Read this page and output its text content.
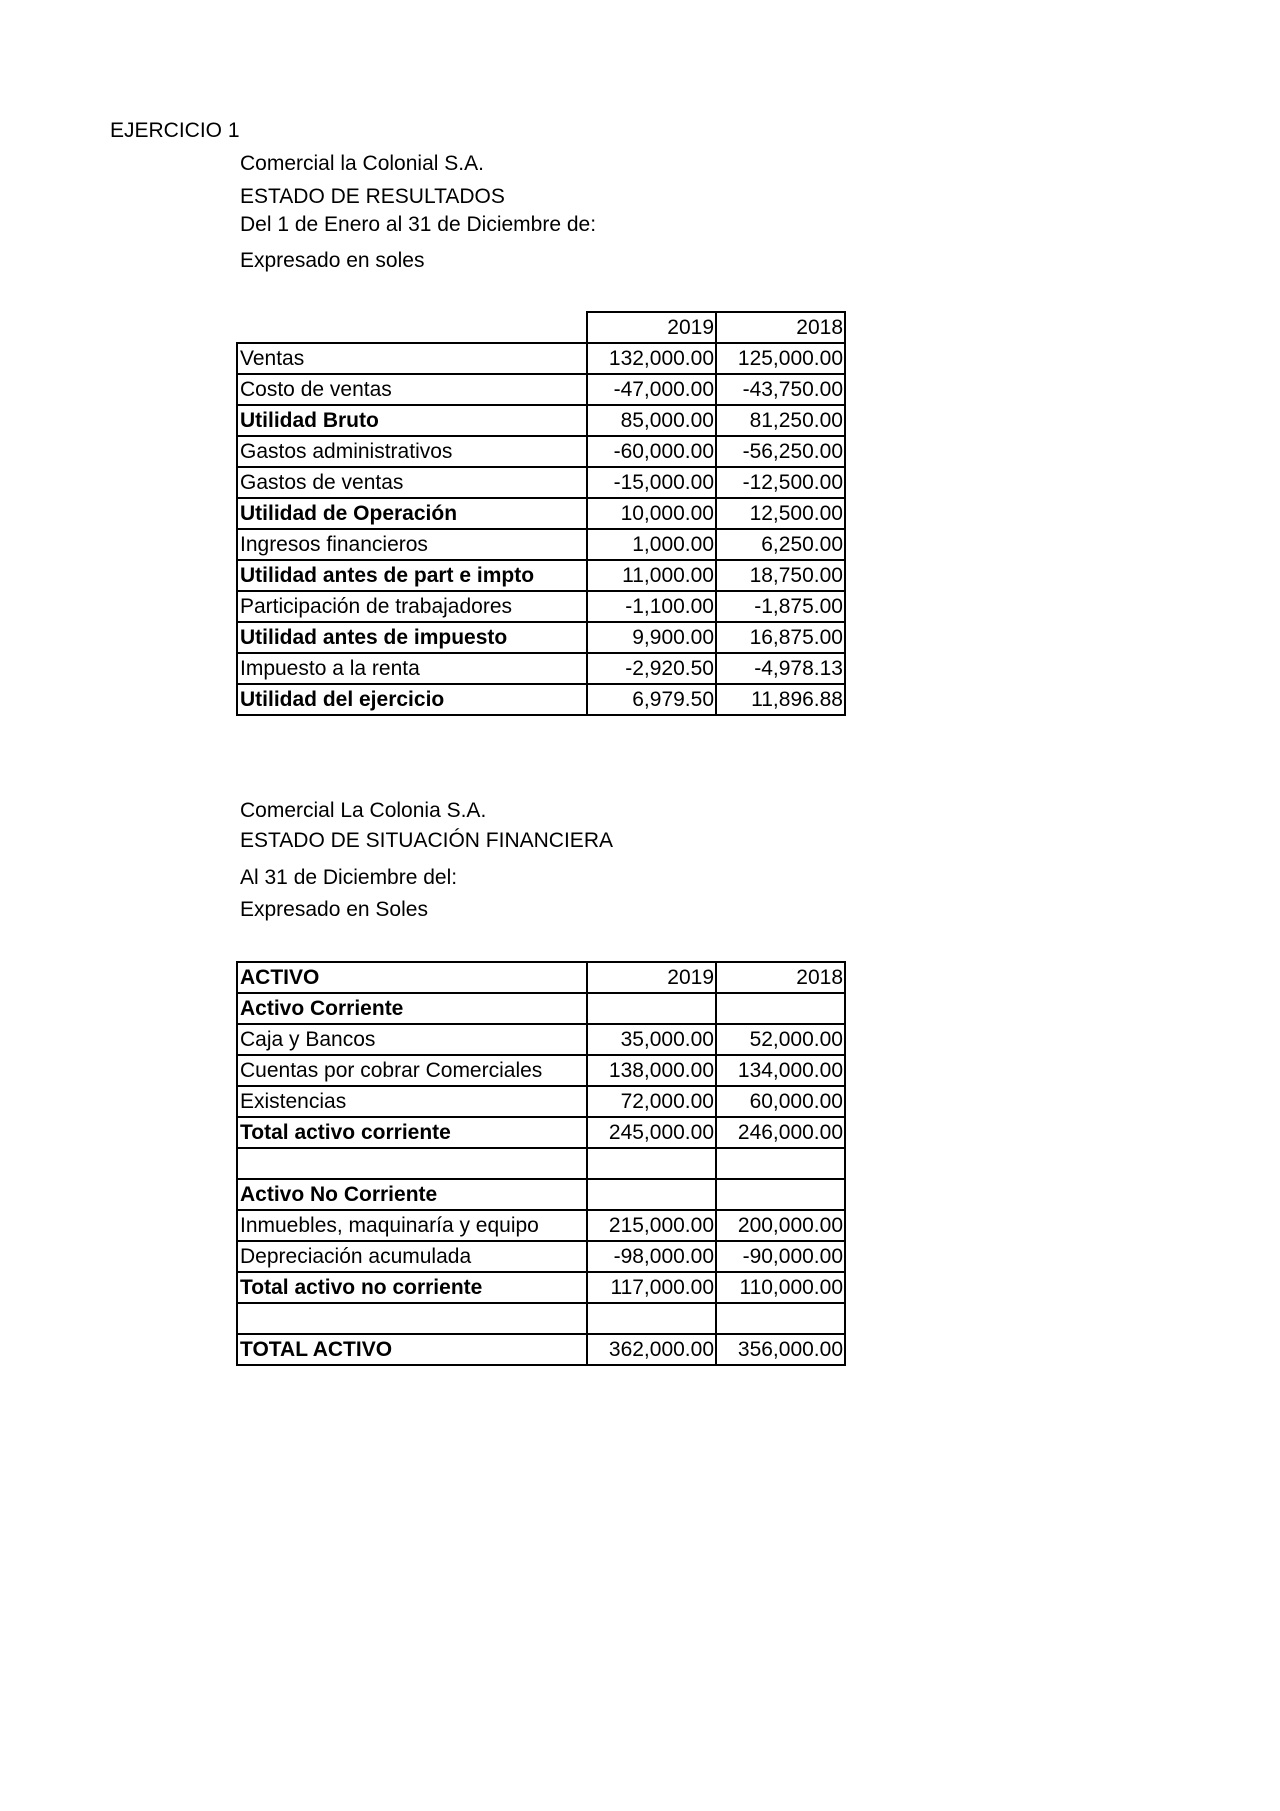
EJERCICIO 1
Comercial la Colonial S.A.
ESTADO DE RESULTADOS
Del 1 de Enero al 31 de Diciembre de:
Expresado en soles
	2019	2018
Ventas	132,000.00	125,000.00
Costo de ventas	-47,000.00	-43,750.00
Utilidad Bruto	85,000.00	81,250.00
Gastos administrativos	-60,000.00	-56,250.00
Gastos de ventas	-15,000.00	-12,500.00
Utilidad de Operación	10,000.00	12,500.00
Ingresos financieros	1,000.00	6,250.00
Utilidad antes de part e impto	11,000.00	18,750.00
Participación de trabajadores	-1,100.00	-1,875.00
Utilidad antes de impuesto	9,900.00	16,875.00
Impuesto a la renta	-2,920.50	-4,978.13
Utilidad del ejercicio	6,979.50	11,896.88
Comercial La Colonia S.A.
ESTADO DE SITUACIÓN FINANCIERA
Al 31 de Diciembre del:
Expresado en Soles
ACTIVO	2019	2018
Activo Corriente		
Caja y Bancos	35,000.00	52,000.00
Cuentas por cobrar Comerciales	138,000.00	134,000.00
Existencias	72,000.00	60,000.00
Total activo corriente	245,000.00	246,000.00

Activo No Corriente		
Inmuebles, maquinaría y equipo	215,000.00	200,000.00
Depreciación acumulada	-98,000.00	-90,000.00
Total activo no corriente	117,000.00	110,000.00

TOTAL ACTIVO	362,000.00	356,000.00
